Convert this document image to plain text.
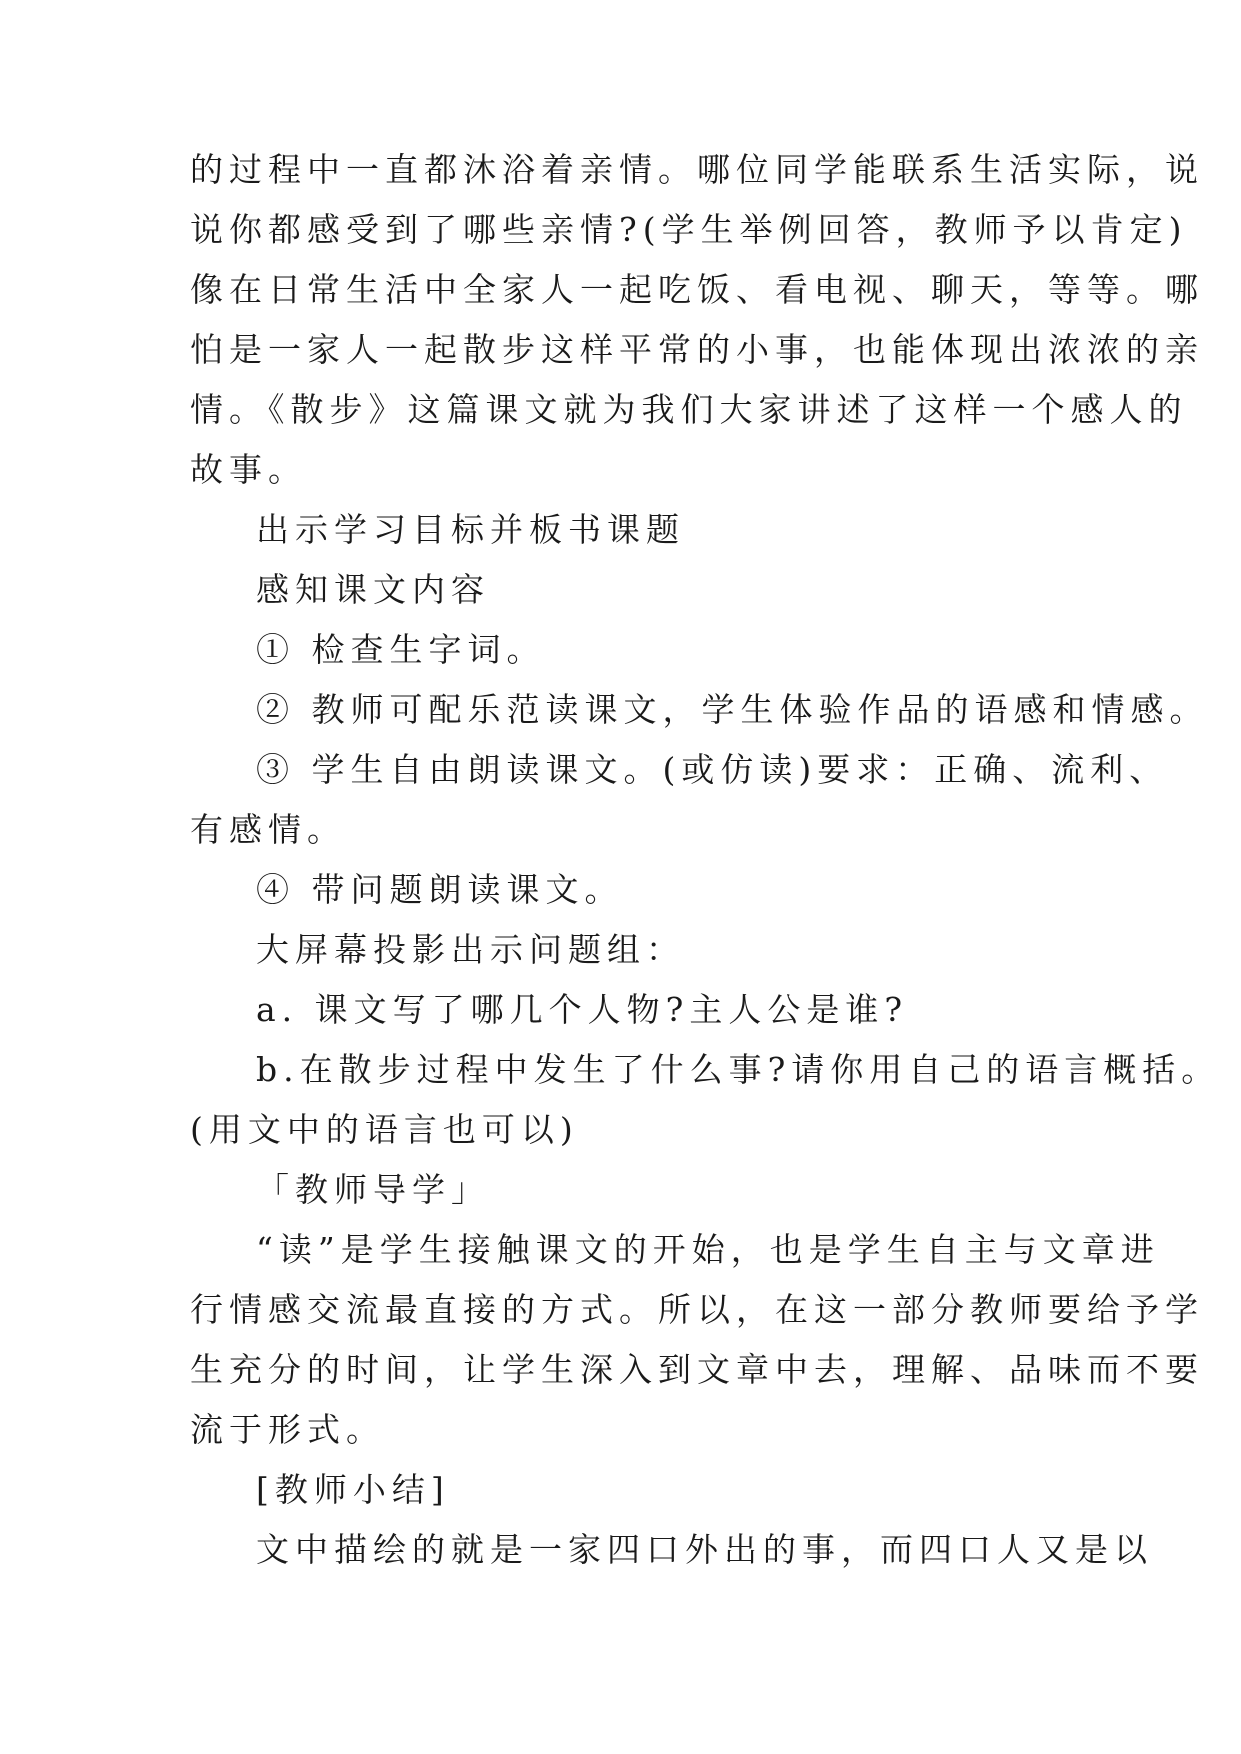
的过程中一直都沐浴着亲情。哪位同学能联系生活实际，说
说你都感受到了哪些亲情?(学生举例回答，教师予以肯定)
像在日常生活中全家人一起吃饭、看电视、聊天，等等。哪
怕是一家人一起散步这样平常的小事，也能体现出浓浓的亲
情。《散步》这篇课文就为我们大家讲述了这样一个感人的
故事。
出示学习目标并板书课题
感知课文内容
① 检查生字词。
② 教师可配乐范读课文，学生体验作品的语感和情感。
③ 学生自由朗读课文。(或仿读)要求：正确、流利、
有感情。
④ 带问题朗读课文。
大屏幕投影出示问题组：
a. 课文写了哪几个人物?主人公是谁?
b.在散步过程中发生了什么事?请你用自己的语言概括。
(用文中的语言也可以)
「教师导学」
“读”是学生接触课文的开始，也是学生自主与文章进
行情感交流最直接的方式。所以，在这一部分教师要给予学
生充分的时间，让学生深入到文章中去，理解、品味而不要
流于形式。
[教师小结]
文中描绘的就是一家四口外出的事，而四口人又是以
